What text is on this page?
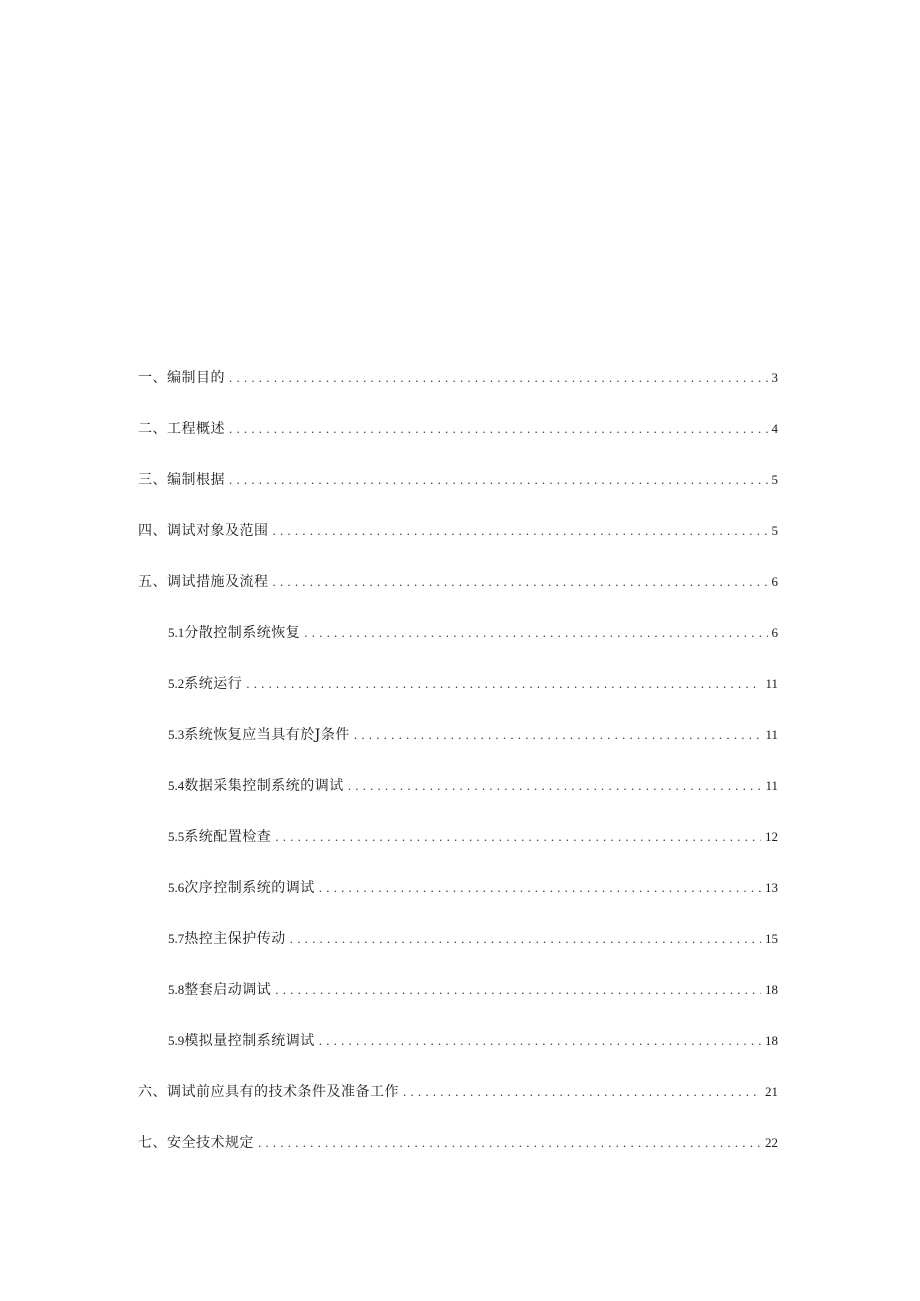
一、编制目的 .....	3
二、工程概述 .....	4
三、编制根据 .....	5
四、调试对象及范围 .....	5
五、调试措施及流程 .....	6
5.1 分散控制系统恢复 .....	6
5.2 系统运行 .....	11
5.3 系统恢复应当具有於J条件 .....	11
5.4 数据采集控制系统的调试 .....	11
5.5 系统配置检查 .....	12
5.6 次序控制系统的调试 .....	13
5.7 热控主保护传动 .....	15
5.8 整套启动调试 .....	18
5.9 模拟量控制系统调试 .....	18
六、调试前应具有的技术条件及准备工作 .....	21
七、安全技术规定 .....	22
